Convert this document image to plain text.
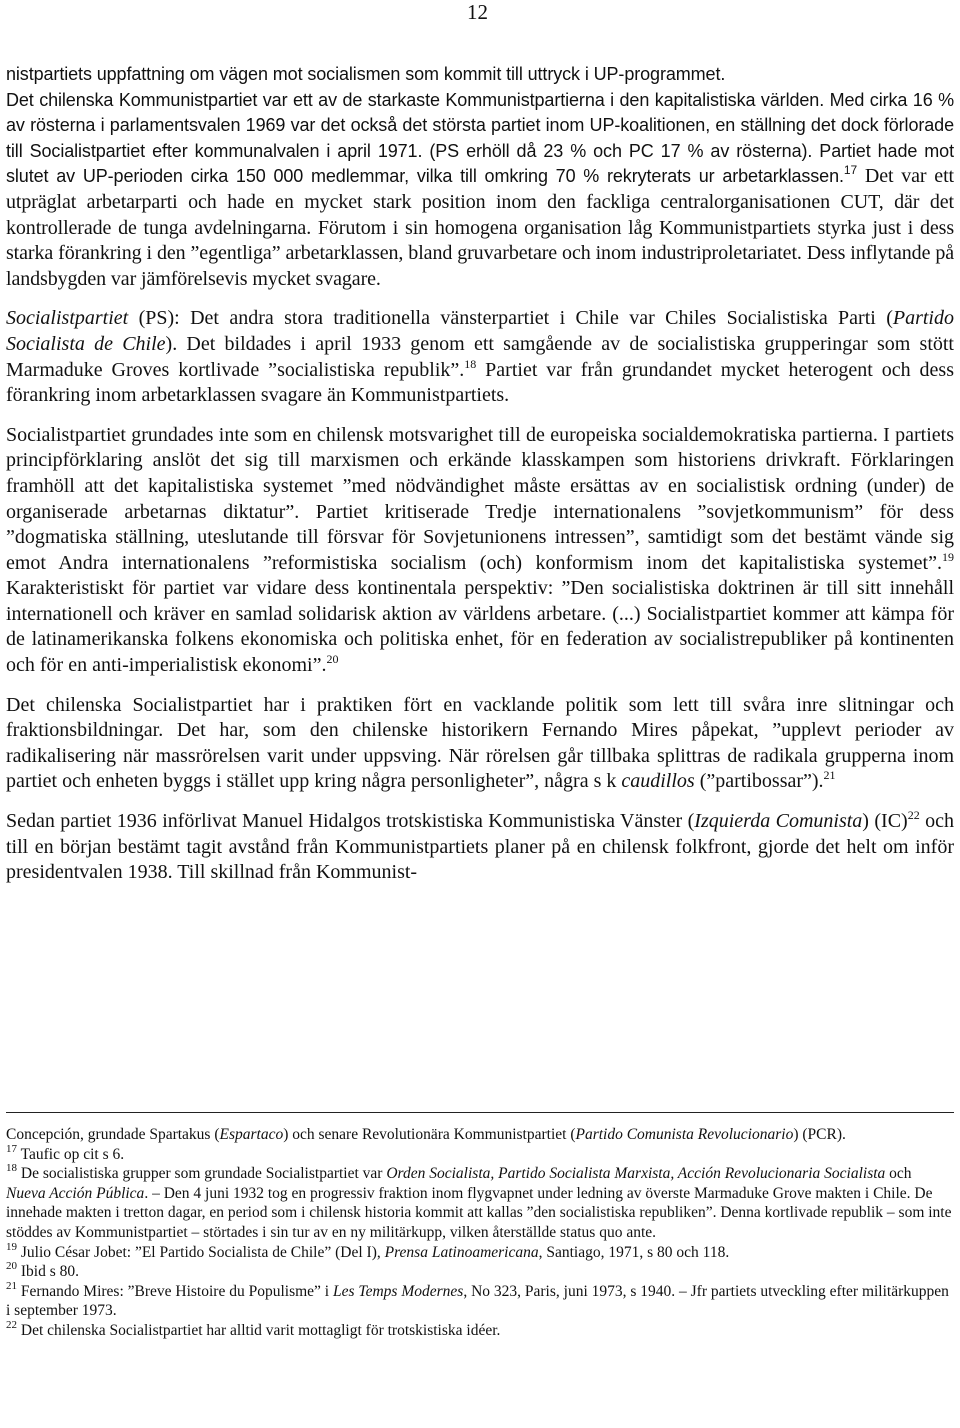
12

nistpartiets uppfattning om vägen mot socialismen som kommit till uttryck i UP-programmet.

Det chilenska Kommunistpartiet var ett av de starkaste Kommunistpartierna i den kapitalistiska världen. Med cirka 16 % av rösterna i parlamentsvalen 1969 var det också det största partiet inom UP-koalitionen, en ställning det dock förlorade till Socialistpartiet efter kommunalvalen i april 1971. (PS erhöll då 23 % och PC 17 % av rösterna). Partiet hade mot slutet av UP-perioden cirka 150 000 medlemmar, vilka till omkring 70 % rekryterats ur arbetarklassen.$^{17}$ Det var ett utpräglat arbetarparti och hade en mycket stark position inom den fackliga centralorganisationen CUT, där det kontrollerade de tunga avdelningarna. Förutom i sin homogena organisation låg Kommunistpartiets styrka just i dess starka förankring i den ”egentliga” arbetarklassen, bland gruvarbetare och inom industriproletariatet. Dess inflytande på landsbygden var jämförelsevis mycket svagare.

Socialistpartiet (PS): Det andra stora traditionella vänsterpartiet i Chile var Chiles Socialistiska Parti (Partido Socialista de Chile). Det bildades i april 1933 genom ett samgående av de socialistiska grupperingar som stött Marmaduke Groves kortlivade ”socialistiska republik”.$^{18}$ Partiet var från grundandet mycket heterogent och dess förankring inom arbetarklassen svagare än Kommunistpartiets.

Socialistpartiet grundades inte som en chilensk motsvarighet till de europeiska socialdemokratiska partierna. I partiets principförklaring anslöt det sig till marxismen och erkände klasskampen som historiens drivkraft. Förklaringen framhöll att det kapitalistiska systemet ”med nödvändighet måste ersättas av en socialistisk ordning (under) de organiserade arbetarnas diktatur”. Partiet kritiserade Tredje internationalens ”sovjetkommunism” för dess ”dogmatiska ställning, uteslutande till försvar för Sovjetunionens intressen”, samtidigt som det bestämt vände sig emot Andra internationalens ”reformistiska socialism (och) konformism inom det kapitalistiska systemet”.$^{19}$ Karakteristiskt för partiet var vidare dess kontinentala perspektiv: ”Den socialistiska doktrinen är till sitt innehåll internationell och kräver en samlad solidarisk aktion av världens arbetare. (...) Socialistpartiet kommer att kämpa för de latinamerikanska folkens ekonomiska och politiska enhet, för en federation av socialistrepubliker på kontinenten och för en anti-imperialistisk ekonomi”.$^{20}$

Det chilenska Socialistpartiet har i praktiken fört en vacklande politik som lett till svåra inre slitningar och fraktionsbildningar. Det har, som den chilenske historikern Fernando Mires påpekat, ”upplevt perioder av radikalisering när massrörelsen varit under uppsving. När rörelsen går tillbaka splittras de radikala grupperna inom partiet och enheten byggs i stället upp kring några personligheter”, några s k caudillos (”partibossar”).$^{21}$

Sedan partiet 1936 införlivat Manuel Hidalgos trotskistiska Kommunistiska Vänster (Izquierda Comunista) (IC)$^{22}$ och till en början bestämt tagit avstånd från Kommunistpartiets planer på en chilensk folkfront, gjorde det helt om inför presidentvalen 1938. Till skillnad från Kommunist-

Concepción, grundade Spartakus (Espartaco) och senare Revolutionära Kommunistpartiet (Partido Comunista Revolucionario) (PCR).

$^{17}$ Taufic op cit s 6.

$^{18}$ De socialistiska grupper som grundade Socialistpartiet var Orden Socialista, Partido Socialista Marxista, Acción Revolucionaria Socialista och Nueva Acción Pública. – Den 4 juni 1932 tog en progressiv fraktion inom flygvapnet under ledning av överste Marmaduke Grove makten i Chile. De innehade makten i tretton dagar, en period som i chilensk historia kommit att kallas ”den socialistiska republiken”. Denna kortlivade republik – som inte stöddes av Kommunistpartiet – störtades i sin tur av en ny militärkupp, vilken återställde status quo ante.

$^{19}$ Julio César Jobet: ”El Partido Socialista de Chile” (Del I), Prensa Latinoamericana, Santiago, 1971, s 80 och 118.

$^{20}$ Ibid s 80.

$^{21}$ Fernando Mires: ”Breve Histoire du Populisme” i Les Temps Modernes, No 323, Paris, juni 1973, s 1940. – Jfr partiets utveckling efter militärkuppen i september 1973.

$^{22}$ Det chilenska Socialistpartiet har alltid varit mottagligt för trotskistiska idéer.
